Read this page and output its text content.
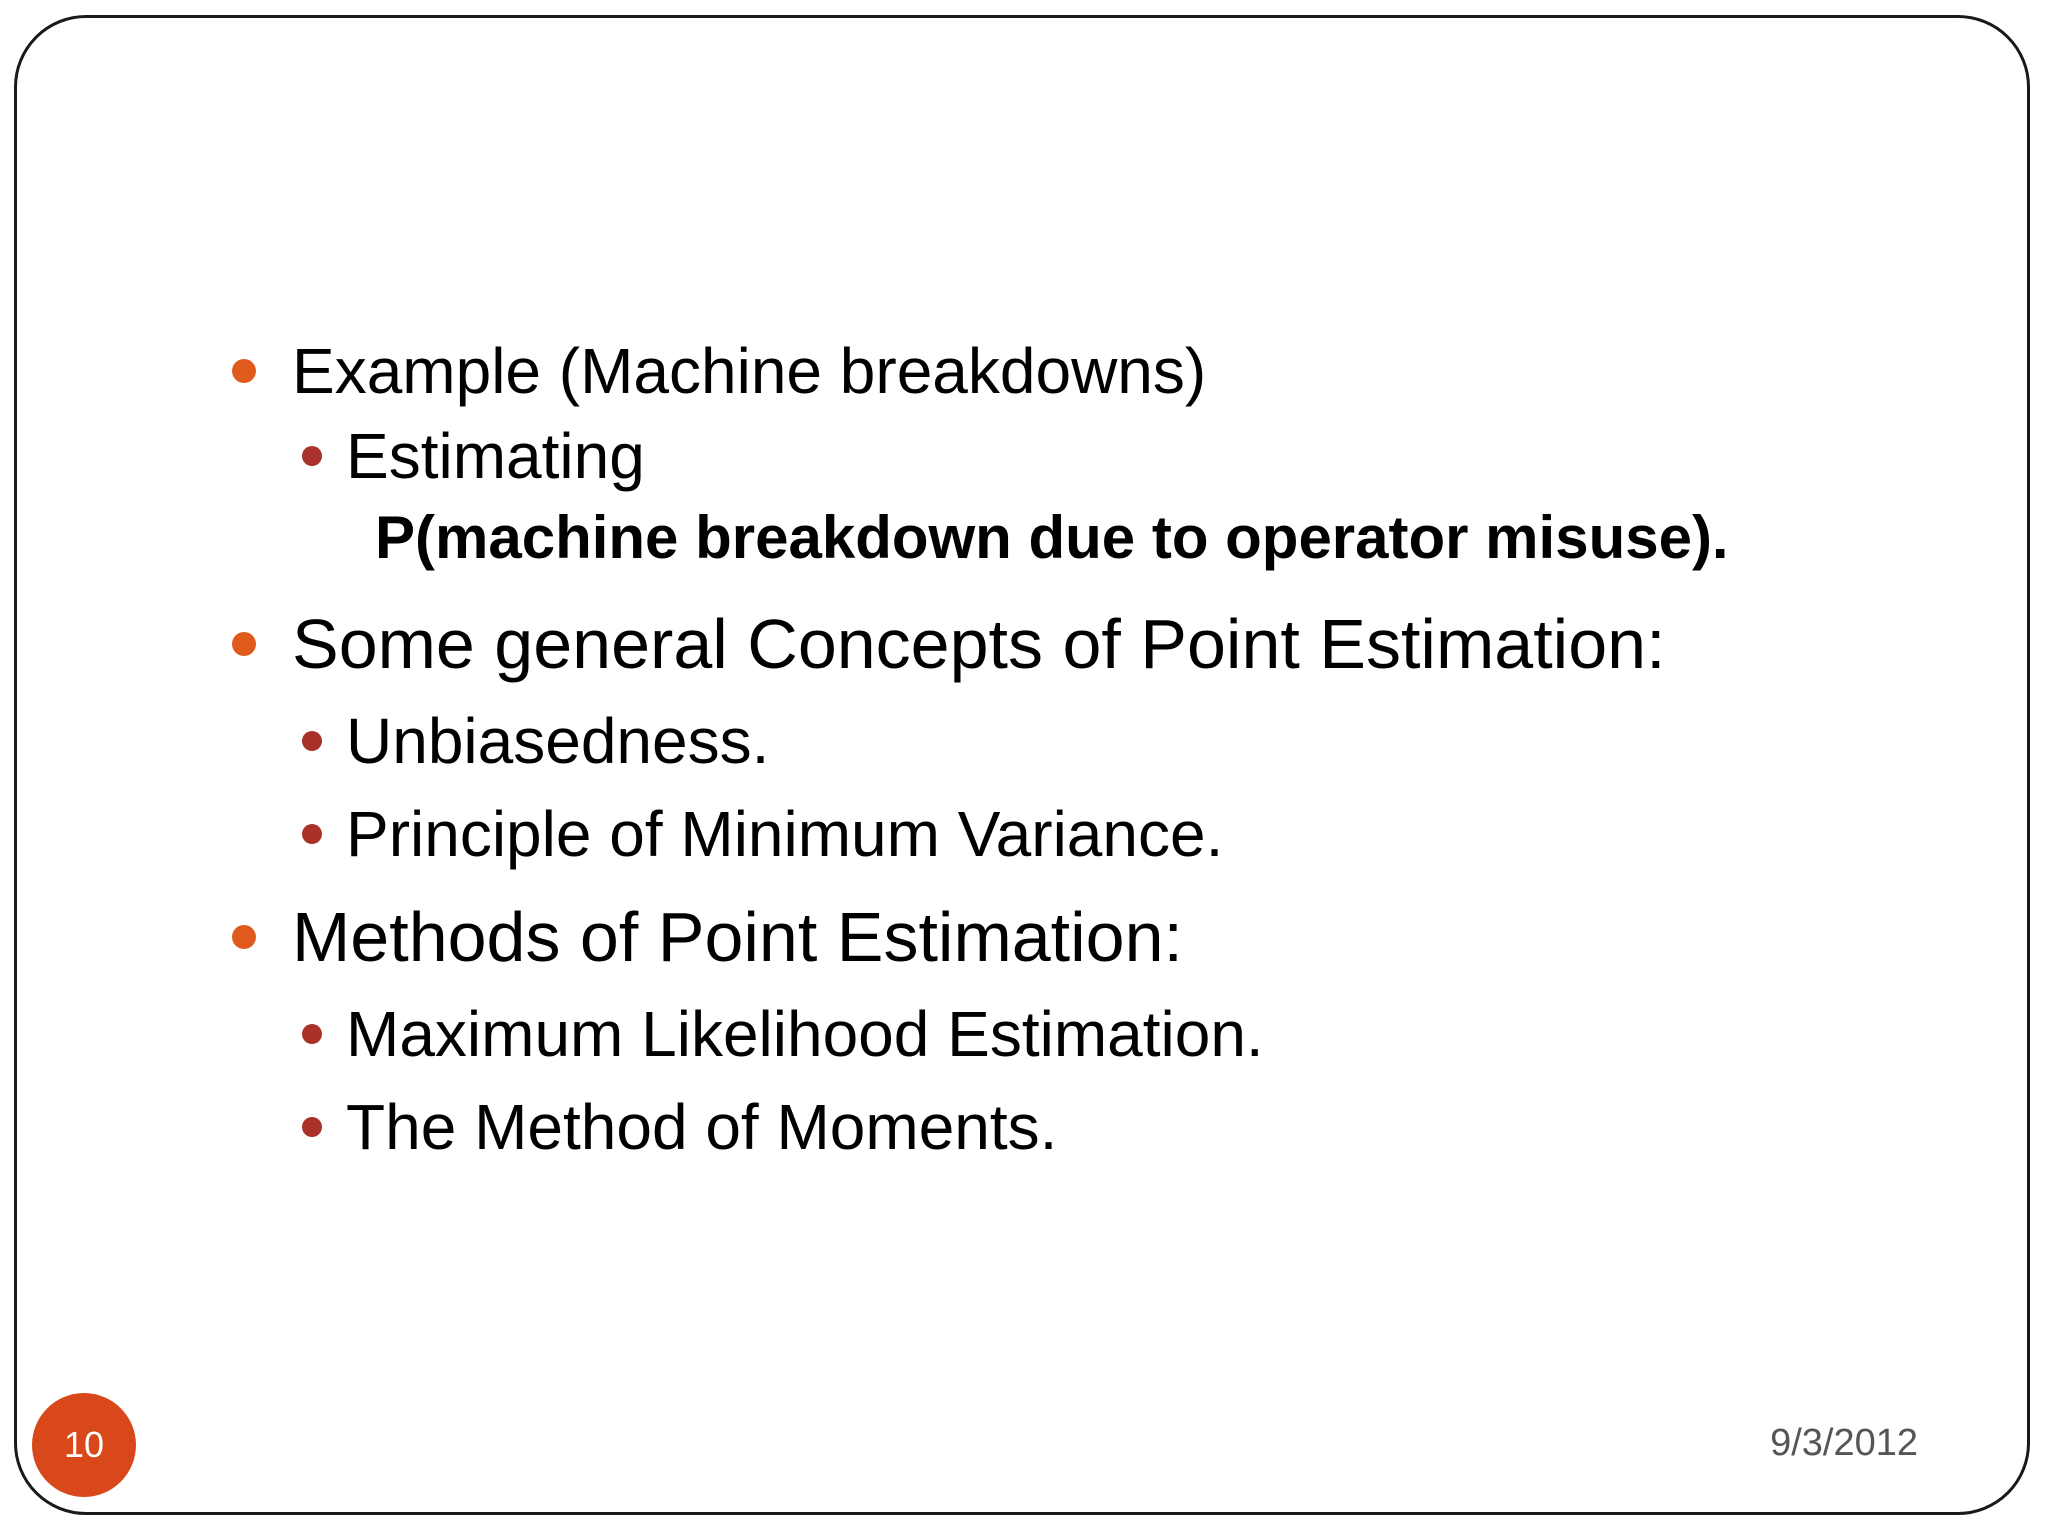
Example (Machine breakdowns)
Estimating
P(machine breakdown due to operator misuse).
Some general Concepts of Point Estimation:
Unbiasedness.
Principle of Minimum Variance.
Methods of Point Estimation:
Maximum Likelihood Estimation.
The Method of Moments.
10	9/3/2012
